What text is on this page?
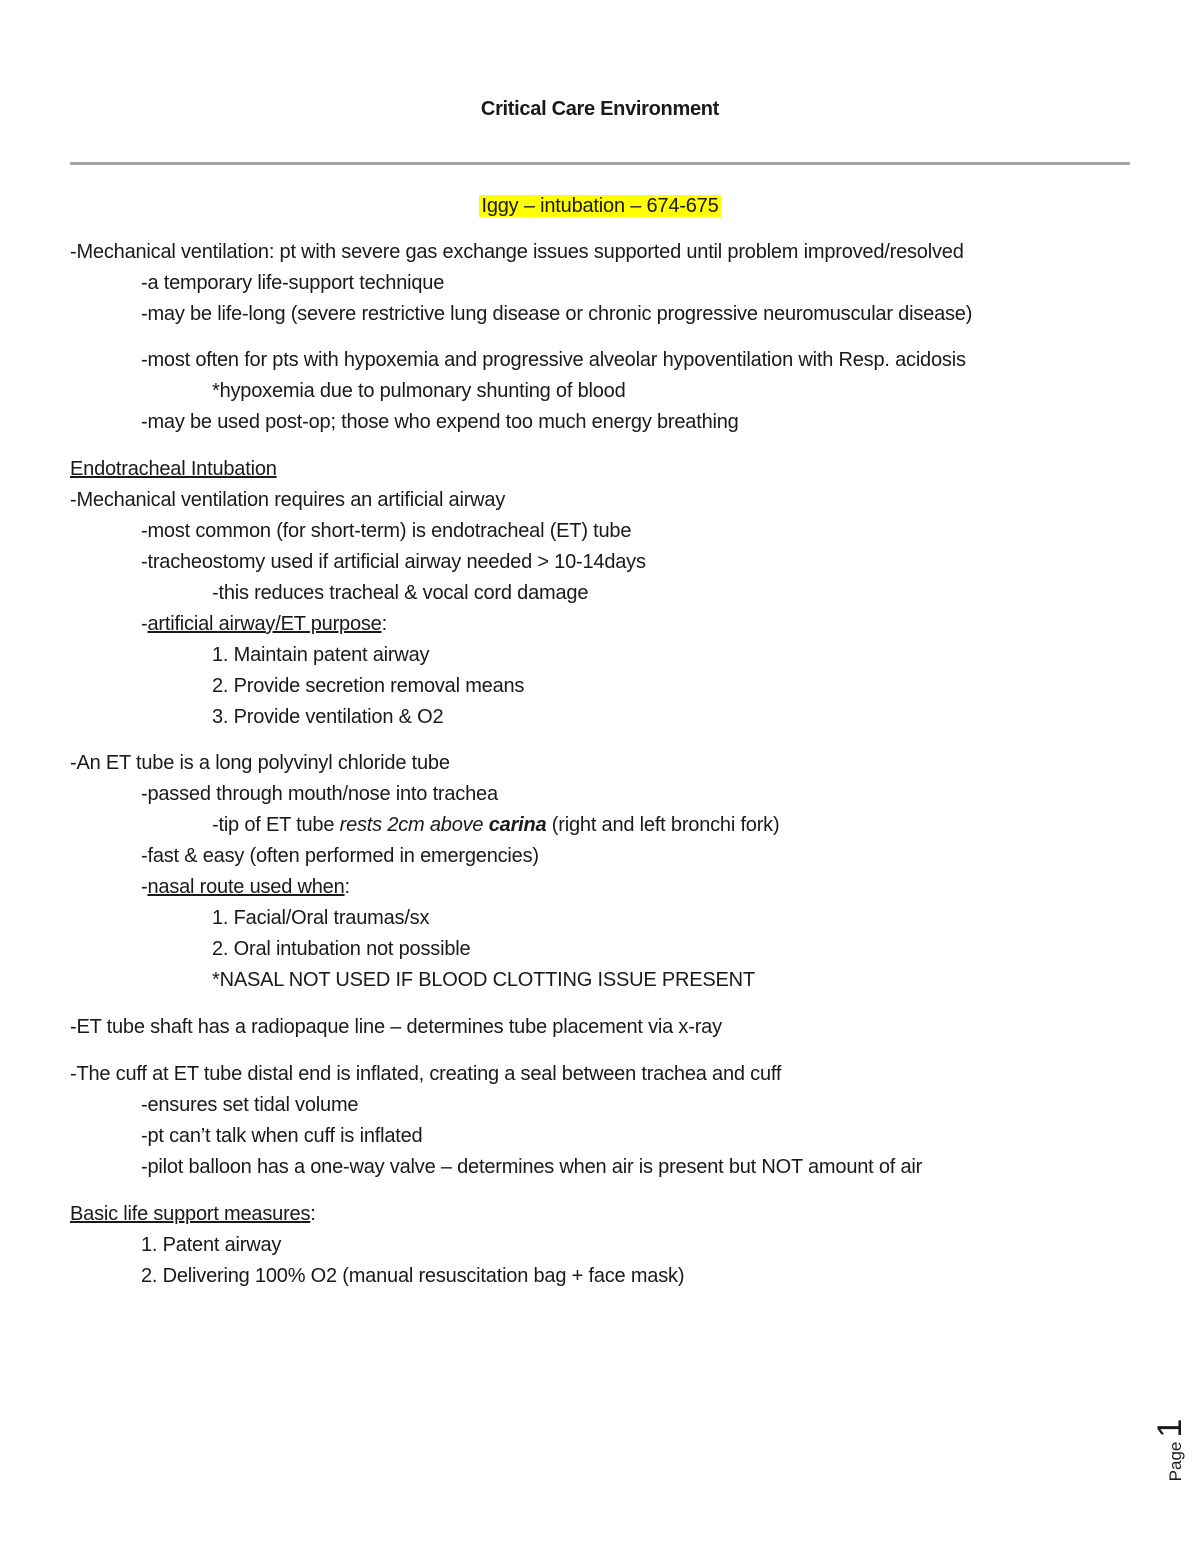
Critical Care Environment
Iggy – intubation – 674-675
-Mechanical ventilation: pt with severe gas exchange issues supported until problem improved/resolved
-a temporary life-support technique
-may be life-long (severe restrictive lung disease or chronic progressive neuromuscular disease)
-most often for pts with hypoxemia and progressive alveolar hypoventilation with Resp. acidosis
*hypoxemia due to pulmonary shunting of blood
-may be used post-op; those who expend too much energy breathing
Endotracheal Intubation
-Mechanical ventilation requires an artificial airway
-most common (for short-term) is endotracheal (ET) tube
-tracheostomy used if artificial airway needed > 10-14days
-this reduces tracheal & vocal cord damage
-artificial airway/ET purpose:
1. Maintain patent airway
2. Provide secretion removal means
3. Provide ventilation & O2
-An ET tube is a long polyvinyl chloride tube
-passed through mouth/nose into trachea
-tip of ET tube rests 2cm above carina (right and left bronchi fork)
-fast & easy (often performed in emergencies)
-nasal route used when:
1. Facial/Oral traumas/sx
2. Oral intubation not possible
*NASAL NOT USED IF BLOOD CLOTTING ISSUE PRESENT
-ET tube shaft has a radiopaque line – determines tube placement via x-ray
-The cuff at ET tube distal end is inflated, creating a seal between trachea and cuff
-ensures set tidal volume
-pt can’t talk when cuff is inflated
-pilot balloon has a one-way valve – determines when air is present but NOT amount of air
Basic life support measures:
1. Patent airway
2. Delivering 100% O2 (manual resuscitation bag + face mask)
Page1
